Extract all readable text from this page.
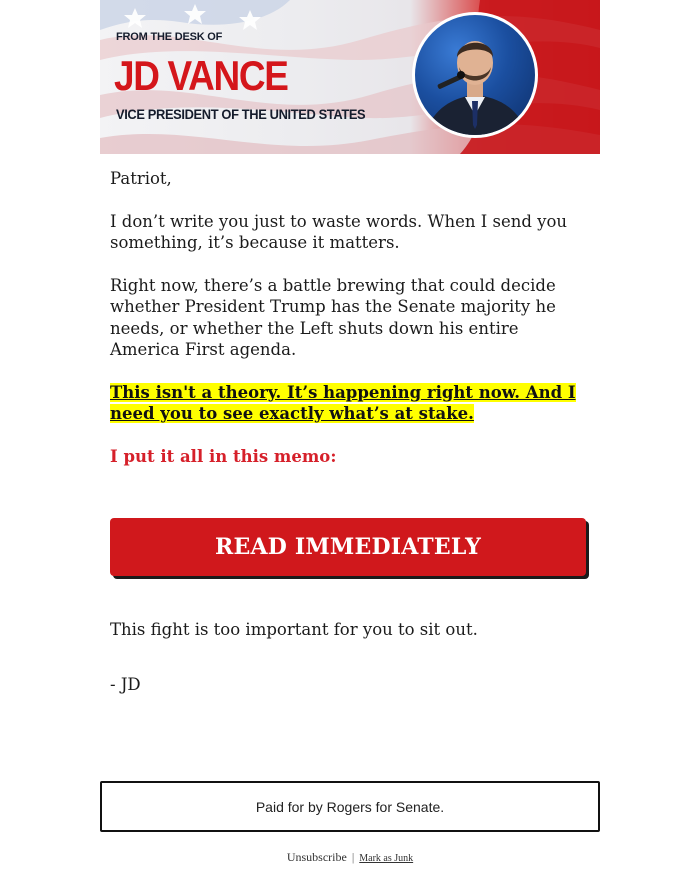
FROM THE DESK OF
JD VANCE
VICE PRESIDENT OF THE UNITED STATES

Patriot,

I don’t write you just to waste words. When I send you something, it’s because it matters.

Right now, there’s a battle brewing that could decide whether President Trump has the Senate majority he needs, or whether the Left shuts down his entire America First agenda.

This isn't a theory. It’s happening right now. And I need you to see exactly what’s at stake.

I put it all in this memo:

READ IMMEDIATELY
This fight is too important for you to sit out.
- JD
Paid for by Rogers for Senate.
Unsubscribe | Mark as Junk
